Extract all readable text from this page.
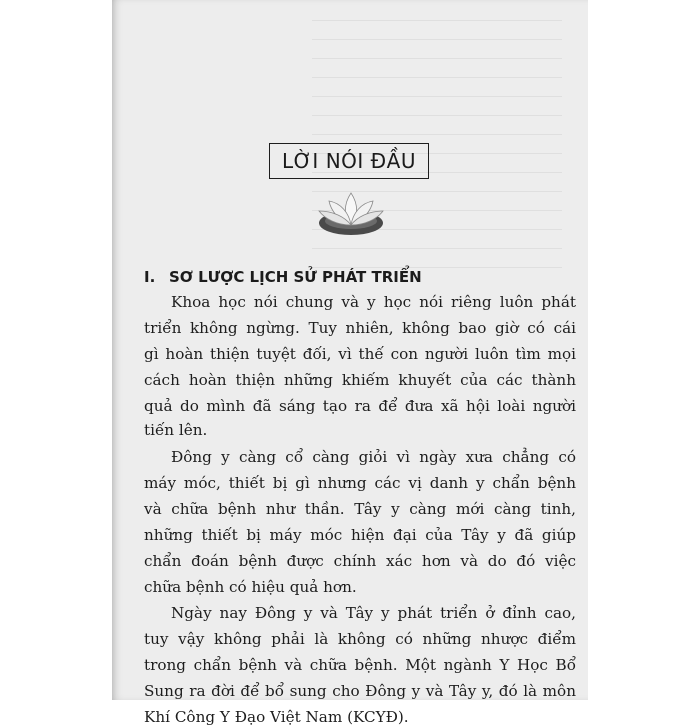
LỜI NÓI ĐẦU
I. SƠ LƯỢC LỊCH SỬ PHÁT TRIỂN
Khoa học nói chung và y học nói riêng luôn phát
triển không ngừng. Tuy nhiên, không bao giờ có cái
gì hoàn thiện tuyệt đối, vì thế con người luôn tìm mọi
cách hoàn thiện những khiếm khuyết của các thành
quả do mình đã sáng tạo ra để đưa xã hội loài người
tiến lên.
Đông y càng cổ càng giỏi vì ngày xưa chẳng có
máy móc, thiết bị gì nhưng các vị danh y chẩn bệnh
và chữa bệnh như thần. Tây y càng mới càng tinh,
những thiết bị máy móc hiện đại của Tây y đã giúp
chẩn đoán bệnh được chính xác hơn và do đó việc
chữa bệnh có hiệu quả hơn.
Ngày nay Đông y và Tây y phát triển ở đỉnh cao,
tuy vậy không phải là không có những nhược điểm
trong chẩn bệnh và chữa bệnh. Một ngành Y Học Bổ
Sung ra đời để bổ sung cho Đông y và Tây y, đó là môn
Khí Công Y Đạo Việt Nam (KCYĐ).
